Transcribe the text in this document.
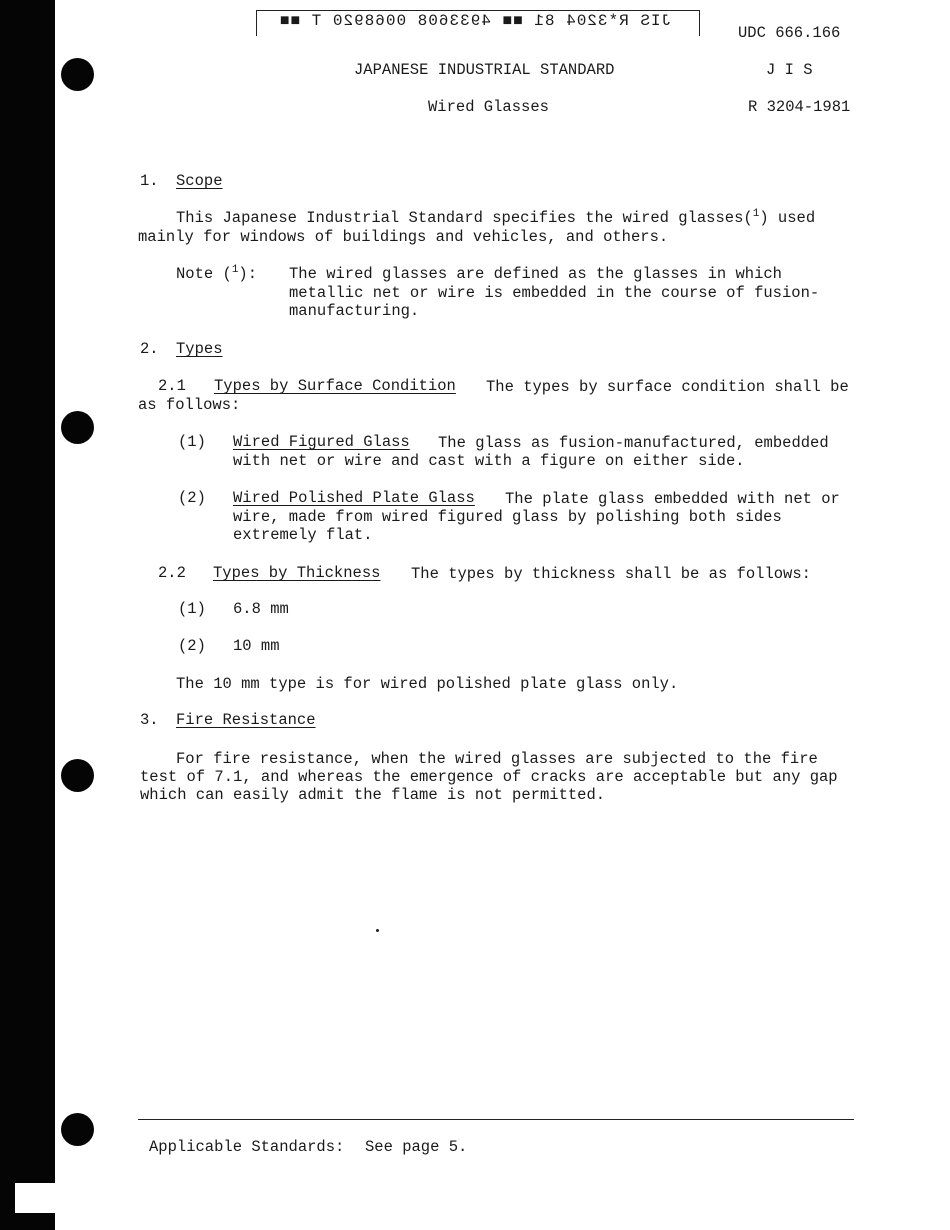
JIS R*3204 81 ■■ 4933608 0068920 T ■■
UDC 666.166
JAPANESE INDUSTRIAL STANDARD	J I S
Wired Glasses	R 3204-1981
1. Scope
This Japanese Industrial Standard specifies the wired glasses($^1$) used
mainly for windows of buildings and vehicles, and others.
Note ($^1$): The wired glasses are defined as the glasses in which
metallic net or wire is embedded in the course of fusion-
manufacturing.
2. Types
2.1 Types by Surface Condition The types by surface condition shall be
as follows:
(1) Wired Figured Glass The glass as fusion-manufactured, embedded
with net or wire and cast with a figure on either side.
(2) Wired Polished Plate Glass The plate glass embedded with net or
wire, made from wired figured glass by polishing both sides
extremely flat.
2.2 Types by Thickness The types by thickness shall be as follows:
(1) 6.8 mm
(2) 10 mm
The 10 mm type is for wired polished plate glass only.
3. Fire Resistance
For fire resistance, when the wired glasses are subjected to the fire
test of 7.1, and whereas the emergence of cracks are acceptable but any gap
which can easily admit the flame is not permitted.
Applicable Standards: See page 5.
